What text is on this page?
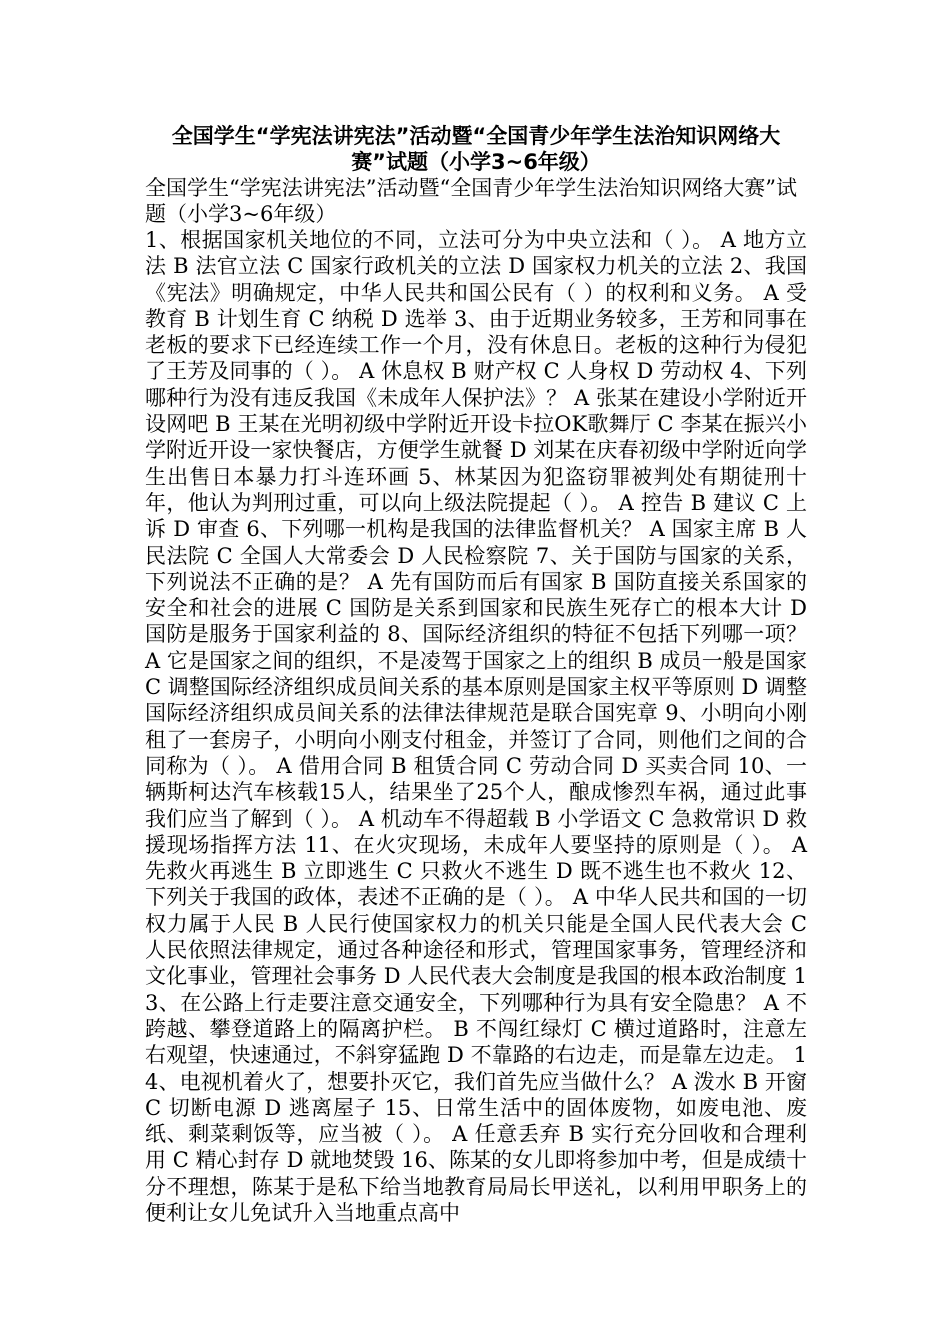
全国学生“学宪法讲宪法”活动暨“全国青少年学生法治知识网络大赛”试题（小学3~6年级）

全国学生“学宪法讲宪法”活动暨“全国青少年学生法治知识网络大赛”试题（小学3~6年级）

1、根据国家机关地位的不同，立法可分为中央立法和（ ）。 A 地方立法 B 法官立法 C 国家行政机关的立法 D 国家权力机关的立法 2、我国《宪法》明确规定，中华人民共和国公民有（ ）的权利和义务。 A 受教育 B 计划生育 C 纳税 D 选举 3、由于近期业务较多，王芳和同事在老板的要求下已经连续工作一个月，没有休息日。老板的这种行为侵犯了王芳及同事的（ ）。 A 休息权 B 财产权 C 人身权 D 劳动权 4、下列哪种行为没有违反我国《未成年人保护法》？ A 张某在建设小学附近开设网吧 B 王某在光明初级中学附近开设卡拉OK歌舞厅 C 李某在振兴小学附近开设一家快餐店，方便学生就餐 D 刘某在庆春初级中学附近向学生出售日本暴力打斗连环画 5、林某因为犯盗窃罪被判处有期徒刑十年，他认为判刑过重，可以向上级法院提起（ ）。 A 控告 B 建议 C 上诉 D 审查 6、下列哪一机构是我国的法律监督机关？ A 国家主席 B 人民法院 C 全国人大常委会 D 人民检察院 7、关于国防与国家的关系，下列说法不正确的是？ A 先有国防而后有国家 B 国防直接关系国家的安全和社会的进展 C 国防是关系到国家和民族生死存亡的根本大计 D 国防是服务于国家利益的 8、国际经济组织的特征不包括下列哪一项？ A 它是国家之间的组织，不是凌驾于国家之上的组织 B 成员一般是国家 C 调整国际经济组织成员间关系的基本原则是国家主权平等原则 D 调整国际经济组织成员间关系的法律法律规范是联合国宪章 9、小明向小刚租了一套房子，小明向小刚支付租金，并签订了合同，则他们之间的合同称为（ ）。 A 借用合同 B 租赁合同 C 劳动合同 D 买卖合同 10、一辆斯柯达汽车核载15人，结果坐了25个人，酿成惨烈车祸，通过此事我们应当了解到（ ）。 A 机动车不得超载 B 小学语文 C 急救常识 D 救援现场指挥方法 11、在火灾现场，未成年人要坚持的原则是（ ）。 A 先救火再逃生 B 立即逃生 C 只救火不逃生 D 既不逃生也不救火 12、下列关于我国的政体，表述不正确的是（ ）。 A 中华人民共和国的一切权力属于人民 B 人民行使国家权力的机关只能是全国人民代表大会 C 人民依照法律规定，通过各种途径和形式，管理国家事务，管理经济和文化事业，管理社会事务 D 人民代表大会制度是我国的根本政治制度 13、在公路上行走要注意交通安全，下列哪种行为具有安全隐患？ A 不跨越、攀登道路上的隔离护栏。 B 不闯红绿灯 C 横过道路时，注意左右观望，快速通过，不斜穿猛跑 D 不靠路的右边走，而是靠左边走。 14、电视机着火了，想要扑灭它，我们首先应当做什么？ A 泼水 B 开窗 C 切断电源 D 逃离屋子 15、日常生活中的固体废物，如废电池、废纸、剩菜剩饭等，应当被（ ）。 A 任意丢弃 B 实行充分回收和合理利用 C 精心封存 D 就地焚毁 16、陈某的女儿即将参加中考，但是成绩十分不理想，陈某于是私下给当地教育局局长甲送礼，以利用甲职务上的便利让女儿免试升入当地重点高中
